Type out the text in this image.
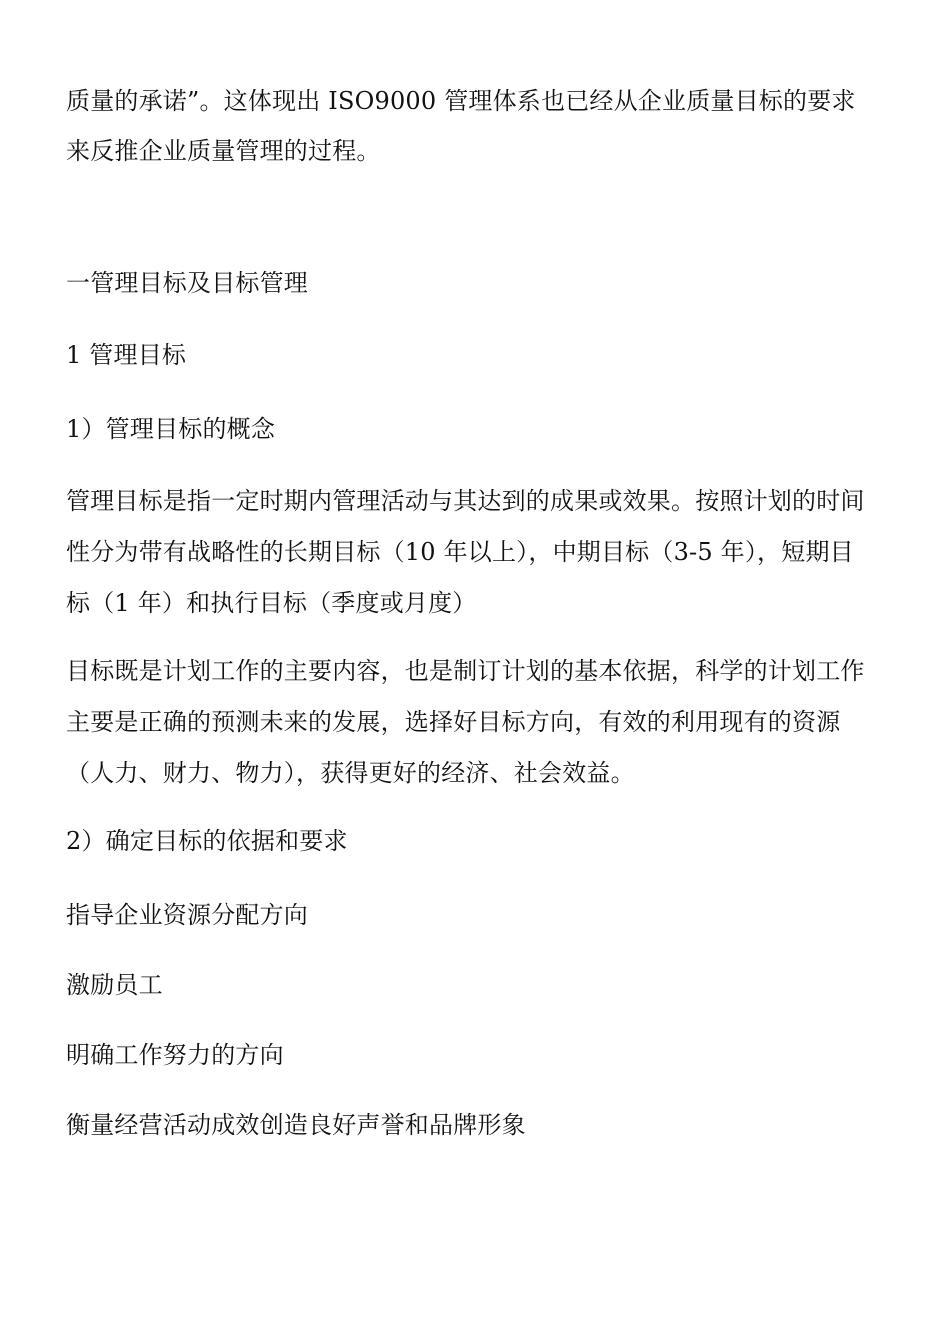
质量的承诺”。这体现出 ISO9000 管理体系也已经从企业质量目标的要求
来反推企业质量管理的过程。
一管理目标及目标管理
1 管理目标
1）管理目标的概念
管理目标是指一定时期内管理活动与其达到的成果或效果。按照计划的时间
性分为带有战略性的长期目标（10 年以上），中期目标（3-5 年），短期目
标（1 年）和执行目标（季度或月度）
目标既是计划工作的主要内容，也是制订计划的基本依据，科学的计划工作
主要是正确的预测未来的发展，选择好目标方向，有效的利用现有的资源
（人力、财力、物力），获得更好的经济、社会效益。
2）确定目标的依据和要求
指导企业资源分配方向
激励员工
明确工作努力的方向
衡量经营活动成效创造良好声誉和品牌形象
